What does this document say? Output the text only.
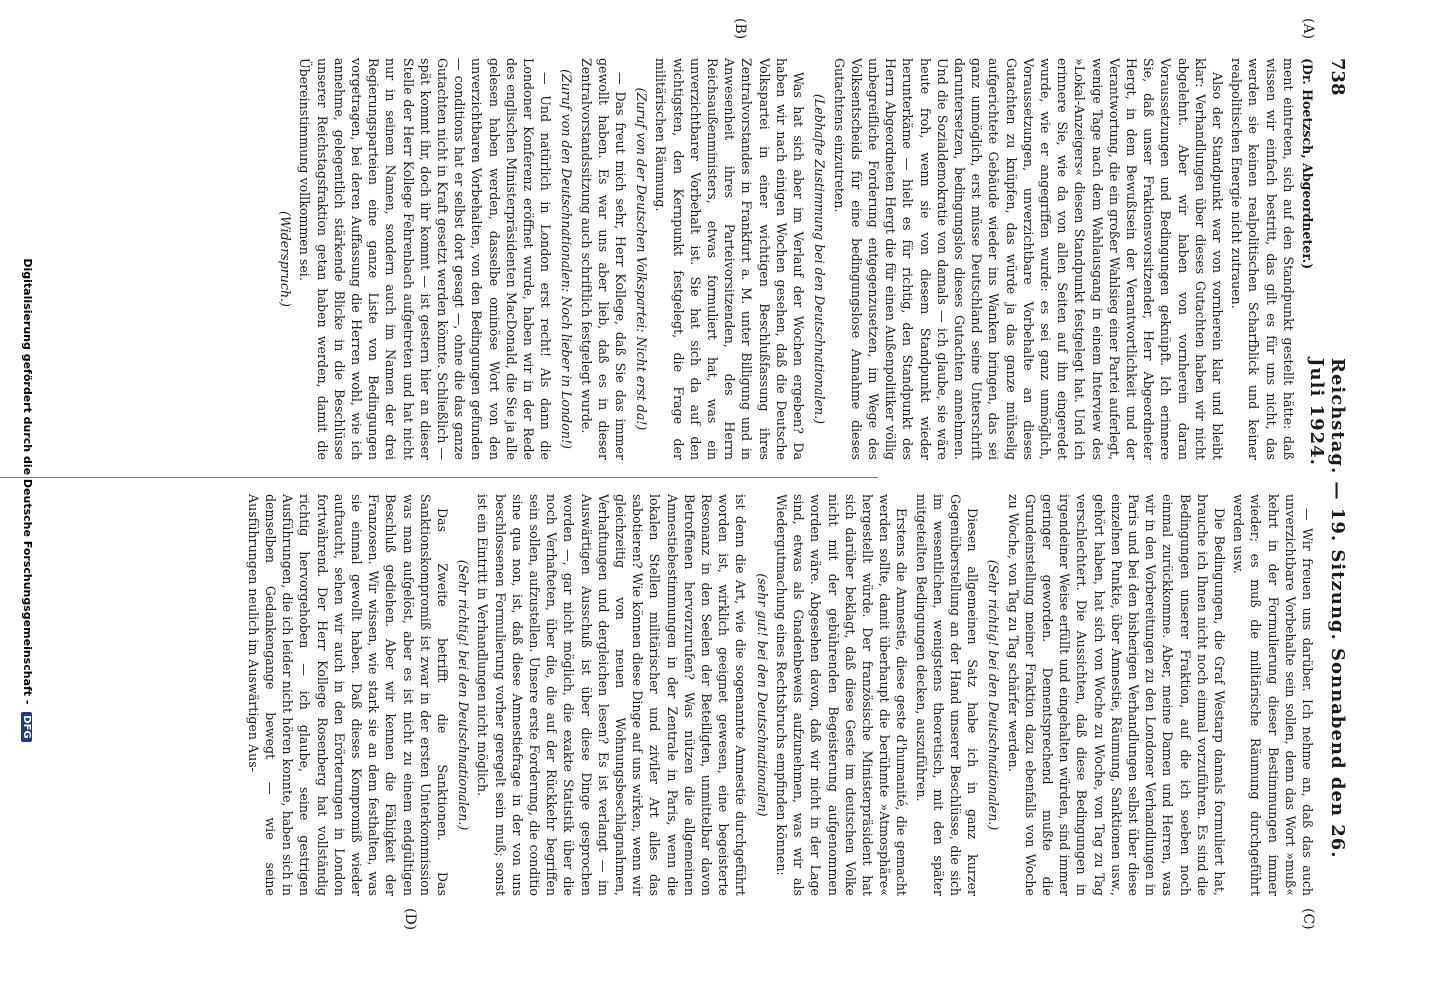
738
Reichstag. — 19. Sitzung. Sonnabend den 26. Juli 1924.
(A)
(B)
(C)
(D)

(Dr. Hoetzsch, Abgeordneter.)

ment eintreten, sich auf den Standpunkt gestellt hätte: daß wissen wir einfach bestritt, das gilt es für uns nicht, das werden sie keinen realpolitischen Scharfblick und keiner realpolitischen Energie nicht zutrauen.

Also der Standpunkt war von vornherein klar und bleibt klar: Verhandlungen über dieses Gutachten haben wir nicht abgelehnt. Aber wir haben von vornherein daran Voraussetzungen und Bedingungen geknüpft. Ich erinnere Sie, daß unser Fraktionsvorsitzender, Herr Abgeordneter Hergt, in dem Bewußtsein der Verantwortlichkeit und der Verantwortung, die ein großer Wahlsieg einer Partei auferlegt, wenige Tage nach dem Wahlausgang in einem Interview des »Lokal-Anzeigers« diesen Standpunkt festgelegt hat. Und ich erinnere Sie, wie da von allen Seiten auf ihn eingeredet wurde, wie er angegriffen wurde: es sei ganz unmöglich, Voraussetzungen, unverzichtbare Vorbehalte an dieses Gutachten zu knüpfen, das würde ja das ganze mühselig aufgerichtete Gebäude wieder ins Wanken bringen, das sei ganz unmöglich, erst müsse Deutschland seine Unterschrift daruntersetzen, bedingungslos dieses Gutachten annehmen. Und die Sozialdemokratie von damals — ich glaube, sie wäre heute froh, wenn sie von diesem Standpunkt wieder herunterkäme — hielt es für richtig, den Standpunkt des Herrn Abgeordneten Hergt die für einen Außenpolitiker völlig unbegreifliche Forderung entgegenzusetzen, im Wege des Volksentscheids für eine bedingungslose Annahme dieses Gutachtens einzutreten.

(Lebhafte Zustimmung bei den Deutschnationalen.)

Was hat sich aber im Verlauf der Wochen ergeben? Da haben wir nach einigen Wochen gesehen, daß die Deutsche Volkspartei in einer wichtigen Beschlußfassung ihres Zentralvorstandes in Frankfurt a. M. unter Billigung und in Anwesenheit ihres Parteivorsitzenden, des Herrn Reichsaußenministers, etwas formuliert hat, was ein unverzichtbarer Vorbehalt ist. Sie hat sich da auf den wichtigsten, den Kernpunkt festgelegt, die Frage der militärischen Räumung.

(Zuruf von der Deutschen Volkspartei: Nicht erst da!)

— Das freut mich sehr, Herr Kollege, daß Sie das immer gewollt haben. Es war uns aber lieb, daß es in dieser Zentralvorstandssitzung auch schriftlich festgelegt wurde.

(Zuruf von den Deutschnationalen: Noch lieber in London!)

— Und natürlich in London erst recht! Als dann die Londoner Konferenz eröffnet wurde, haben wir in der Rede des englischen Ministerpräsidenten MacDonald, die Sie ja alle gelesen haben werden, dasselbe ominöse Wort von den unverzichtbaren Vorbehalten, von den Bedingungen gefunden — conditions hat er selbst dort gesagt —, ohne die das ganze Gutachten nicht in Kraft gesetzt werden könnte. Schließlich — spät kommt ihr, doch ihr kommt — ist gestern hier an dieser Stelle der Herr Kollege Fehrenbach aufgetreten und hat nicht nur in seinem Namen, sondern auch im Namen der drei Regierungsparteien eine ganze Liste von Bedingungen vorgetragen, bei deren Auffassung die Herren wohl, wie ich annehme, gelegentlich stärkende Blicke in die Beschlüsse unserer Reichstagsfraktion getan haben werden, damit die Übereinstimmung vollkommen sei.

(Widerspruch.)

— Wir freuen uns darüber. Ich nehme an, daß das auch unverzichtbare Vorbehalte sein sollen, denn das Wort »muß« kehrt in der Formulierung dieser Bestimmungen immer wieder; es muß die militärische Räumung durchgeführt werden usw.

Die Bedingungen, die Graf Westarp damals formuliert hat, brauche ich Ihnen nicht noch einmal vorzuführen. Es sind die Bedingungen unserer Fraktion, auf die ich soeben noch einmal zurückkomme. Aber, meine Damen und Herren, was wir in den Vorbereitungen zu den Londoner Verhandlungen in Paris und bei den bisherigen Verhandlungen selbst über diese einzelnen Punkte, über Amnestie, Räumung, Sanktionen usw., gehört haben, hat sich von Woche zu Woche, von Tag zu Tag verschlechtert. Die Aussichten, daß diese Bedingungen in irgendeiner Weise erfüllt und eingehalten würden, sind immer geringer geworden. Dementsprechend mußte die Grundeinstellung meiner Fraktion dazu ebenfalls von Woche zu Woche, von Tag zu Tag schärfer werden.

(Sehr richtig! bei den Deutschnationalen.)

Diesen allgemeinen Satz habe ich in ganz kurzer Gegenüberstellung an der Hand unserer Beschlüsse, die sich im wesentlichen, wenigstens theoretisch, mit den später mitgeteilten Bedingungen decken, auszuführen.

Erstens die Amnestie, diese geste d'humanité, die gemacht werden sollte, damit überhaupt die berühmte »Atmosphäre« hergestellt würde. Der französische Ministerpräsident hat sich darüber beklagt, daß diese Geste im deutschen Volke nicht mit der gebührenden Begeisterung aufgenommen worden wäre. Abgesehen davon, daß wir nicht in der Lage sind, etwas als Gnadenbeweis aufzunehmen, was wir als Wiedergutmachung eines Rechtsbruchs empfinden können:

(sehr gut! bei den Deutschnationalen)

ist denn die Art, wie die sogenannte Amnestie durchgeführt worden ist, wirklich geeignet gewesen, eine begeisterte Resonanz in den Seelen der Beteiligten, unmittelbar davon Betroffenen hervorzurufen? Was nützen die allgemeinen Amnestiebestimmungen in der Zentrale in Paris, wenn die lokalen Stellen militärischer und ziviler Art alles das sabotieren? Wie können diese Dinge auf uns wirken, wenn wir gleichzeitig von neuen Wohnungsbeschlagnahmen, Verhaftungen und dergleichen lesen? Es ist verlangt — im Auswärtigen Ausschuß ist über diese Dinge gesprochen worden —, gar nicht möglich, die exakte Statistik über die noch Verhafteten, über die, die auf der Rückkehr begriffen sein sollen, aufzustellen. Unsere erste Forderung, die conditio sine qua non, ist, daß diese Amnestiefrage in der von uns beschlossenen Formulierung vorher geregelt sein muß; sonst ist ein Eintritt in Verhandlungen nicht möglich.

(Sehr richtig! bei den Deutschnationalen.)

Das Zweite betrifft die Sanktionen. Das Sanktionskompromiß ist zwar in der ersten Unterkommission was man aufgelöst, aber es ist nicht zu einem endgültigen Beschluß gediehen. Aber wir kennen die Fähigkeit der Franzosen. Wir wissen, wie stark sie an dem festhalten, was sie einmal gewollt haben. Daß dieses Kompromiß wieder auftaucht, sehen wir auch in den Erörterungen in London fortwährend. Der Herr Kollege Rosenberg hat vollständig richtig hervorgehoben — ich glaube, seine gestrigen Ausführungen, die ich leider nicht hören konnte, haben sich in demselben Gedankengange bewegt — wie seine Ausführungen neulich im Auswärtigen Aus-

Digitalisierung gefördert durch die Deutsche Forschungsgemeinschaft - DFG
